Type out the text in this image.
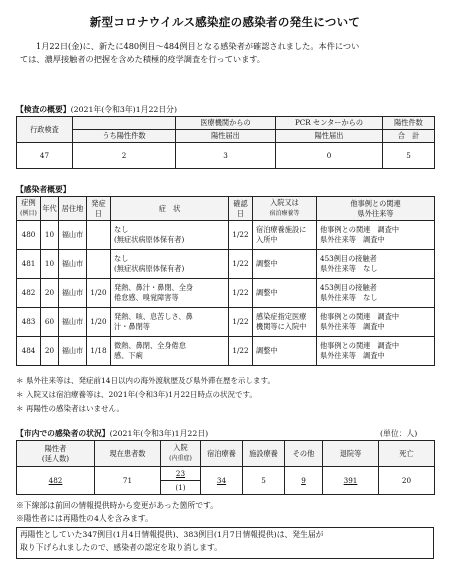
新型コロナウイルス感染症の感染者の発生について
1月22日(金)に、新たに480例目～484例目となる感染者が確認されました。本件につい
ては、濃厚接触者の把握を含めた積極的疫学調査を行っています。
【検査の概要】(2021年(令和3年)1月22日分)
行政検査		医療機関からの	PCR センターからの	陽性件数
	うち陽性件数	陽性届出	陽性届出	合　計
47	2	3	0	5
【感染者概要】
症例
(例目)	年代	居住地	発症日	症　状	確認日	入院又は
宿泊療養等	他事例との関連
県外往来等
480	10	福山市		なし
(無症状病原体保有者)	1/22	宿泊療養施設に
入所中	他事例との関連　調査中
県外往来等　調査中
481	10	福山市		なし
(無症状病原体保有者)	1/22	調整中	453例目の接触者
県外往来等　なし
482	20	福山市	1/20	発熱、鼻汁・鼻閉、全身
倦怠感、嗅覚障害等	1/22	調整中	453例目の接触者
県外往来等　なし
483	60	福山市	1/20	発熱、咳、息苦しさ、鼻
汁・鼻閉等	1/22	感染症指定医療
機関等に入院中	他事例との関連　調査中
県外往来等　調査中
484	20	福山市	1/18	微熱、鼻閉、全身倦怠
感、下痢	1/22	調整中	他事例との関連　調査中
県外往来等　調査中
＊ 県外往来等は、発症前14日以内の海外渡航歴及び県外滞在歴を示します。
＊ 入院又は宿泊療養等は、2021年(令和3年)1月22日時点の状況です。
＊ 再陽性の感染者はいません。
【市内での感染者の状況】(2021年(令和3年)1月22日)	(単位：人)
陽性者
(延人数)	現在患者数	入院
(内重症)	宿泊療養	施設療養	その他	退院等	死亡
482	71	23	34	5	9	391	20
		(1)					
※下線部は前回の情報提供時から変更があった箇所です。
※陽性者には再陽性の4人を含みます。
再陽性としていた347例目(1月4日情報提供)、383例目(1月7日情報提供)は、発生届が
取り下げられましたので、感染者の認定を取り消します。
